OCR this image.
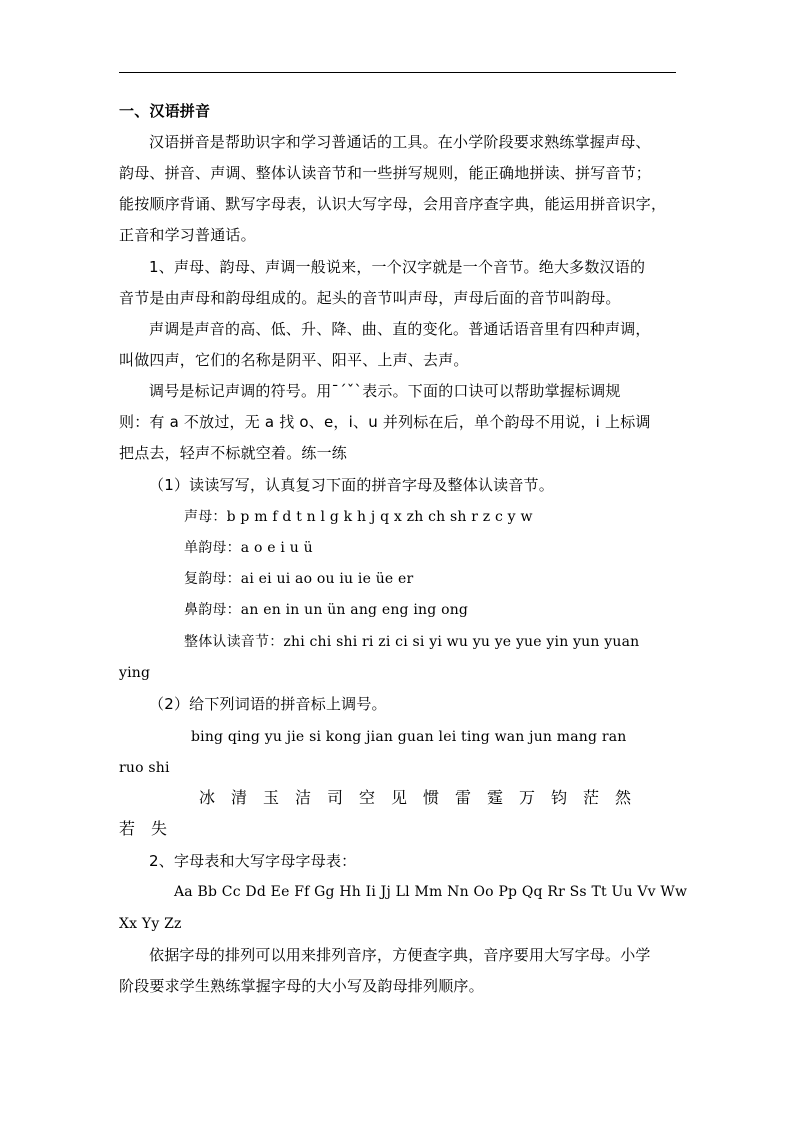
一、汉语拼音
汉语拼音是帮助识字和学习普通话的工具。在小学阶段要求熟练掌握声母、
韵母、拼音、声调、整体认读音节和一些拼写规则，能正确地拼读、拼写音节；
能按顺序背诵、默写字母表，认识大写字母，会用音序查字典，能运用拼音识字，
正音和学习普通话。
1、声母、韵母、声调一般说来，一个汉字就是一个音节。绝大多数汉语的
音节是由声母和韵母组成的。起头的音节叫声母，声母后面的音节叫韵母。
声调是声音的高、低、升、降、曲、直的变化。普通话语音里有四种声调，
叫做四声，它们的名称是阴平、阳平、上声、去声。
调号是标记声调的符号。用ˉˊˇˋ表示。下面的口诀可以帮助掌握标调规
则：有 a 不放过，无 a 找 o、e，i、u 并列标在后，单个韵母不用说，i 上标调
把点去，轻声不标就空着。练一练
（1）读读写写，认真复习下面的拼音字母及整体认读音节。
声母：b p m f d t n l g k h j q x zh ch sh r z c y w
单韵母：a o e i u ü
复韵母：ai ei ui ao ou iu ie üe er
鼻韵母：an en in un ün ang eng ing ong
整体认读音节：zhi chi shi ri zi ci si yi wu yu ye yue yin yun yuan
ying
（2）给下列词语的拼音标上调号。
bing qing yu jie si kong jian guan lei ting wan jun mang ran
ruo shi
冰　清　玉　洁　司　空　见　惯　雷　霆　万　钧　茫　然
若　失
2、字母表和大写字母字母表：
Aa Bb Cc Dd Ee Ff Gg Hh Ii Jj Ll Mm Nn Oo Pp Qq Rr Ss Tt Uu Vv Ww
Xx Yy Zz
依据字母的排列可以用来排列音序，方便查字典，音序要用大写字母。小学
阶段要求学生熟练掌握字母的大小写及韵母排列顺序。
